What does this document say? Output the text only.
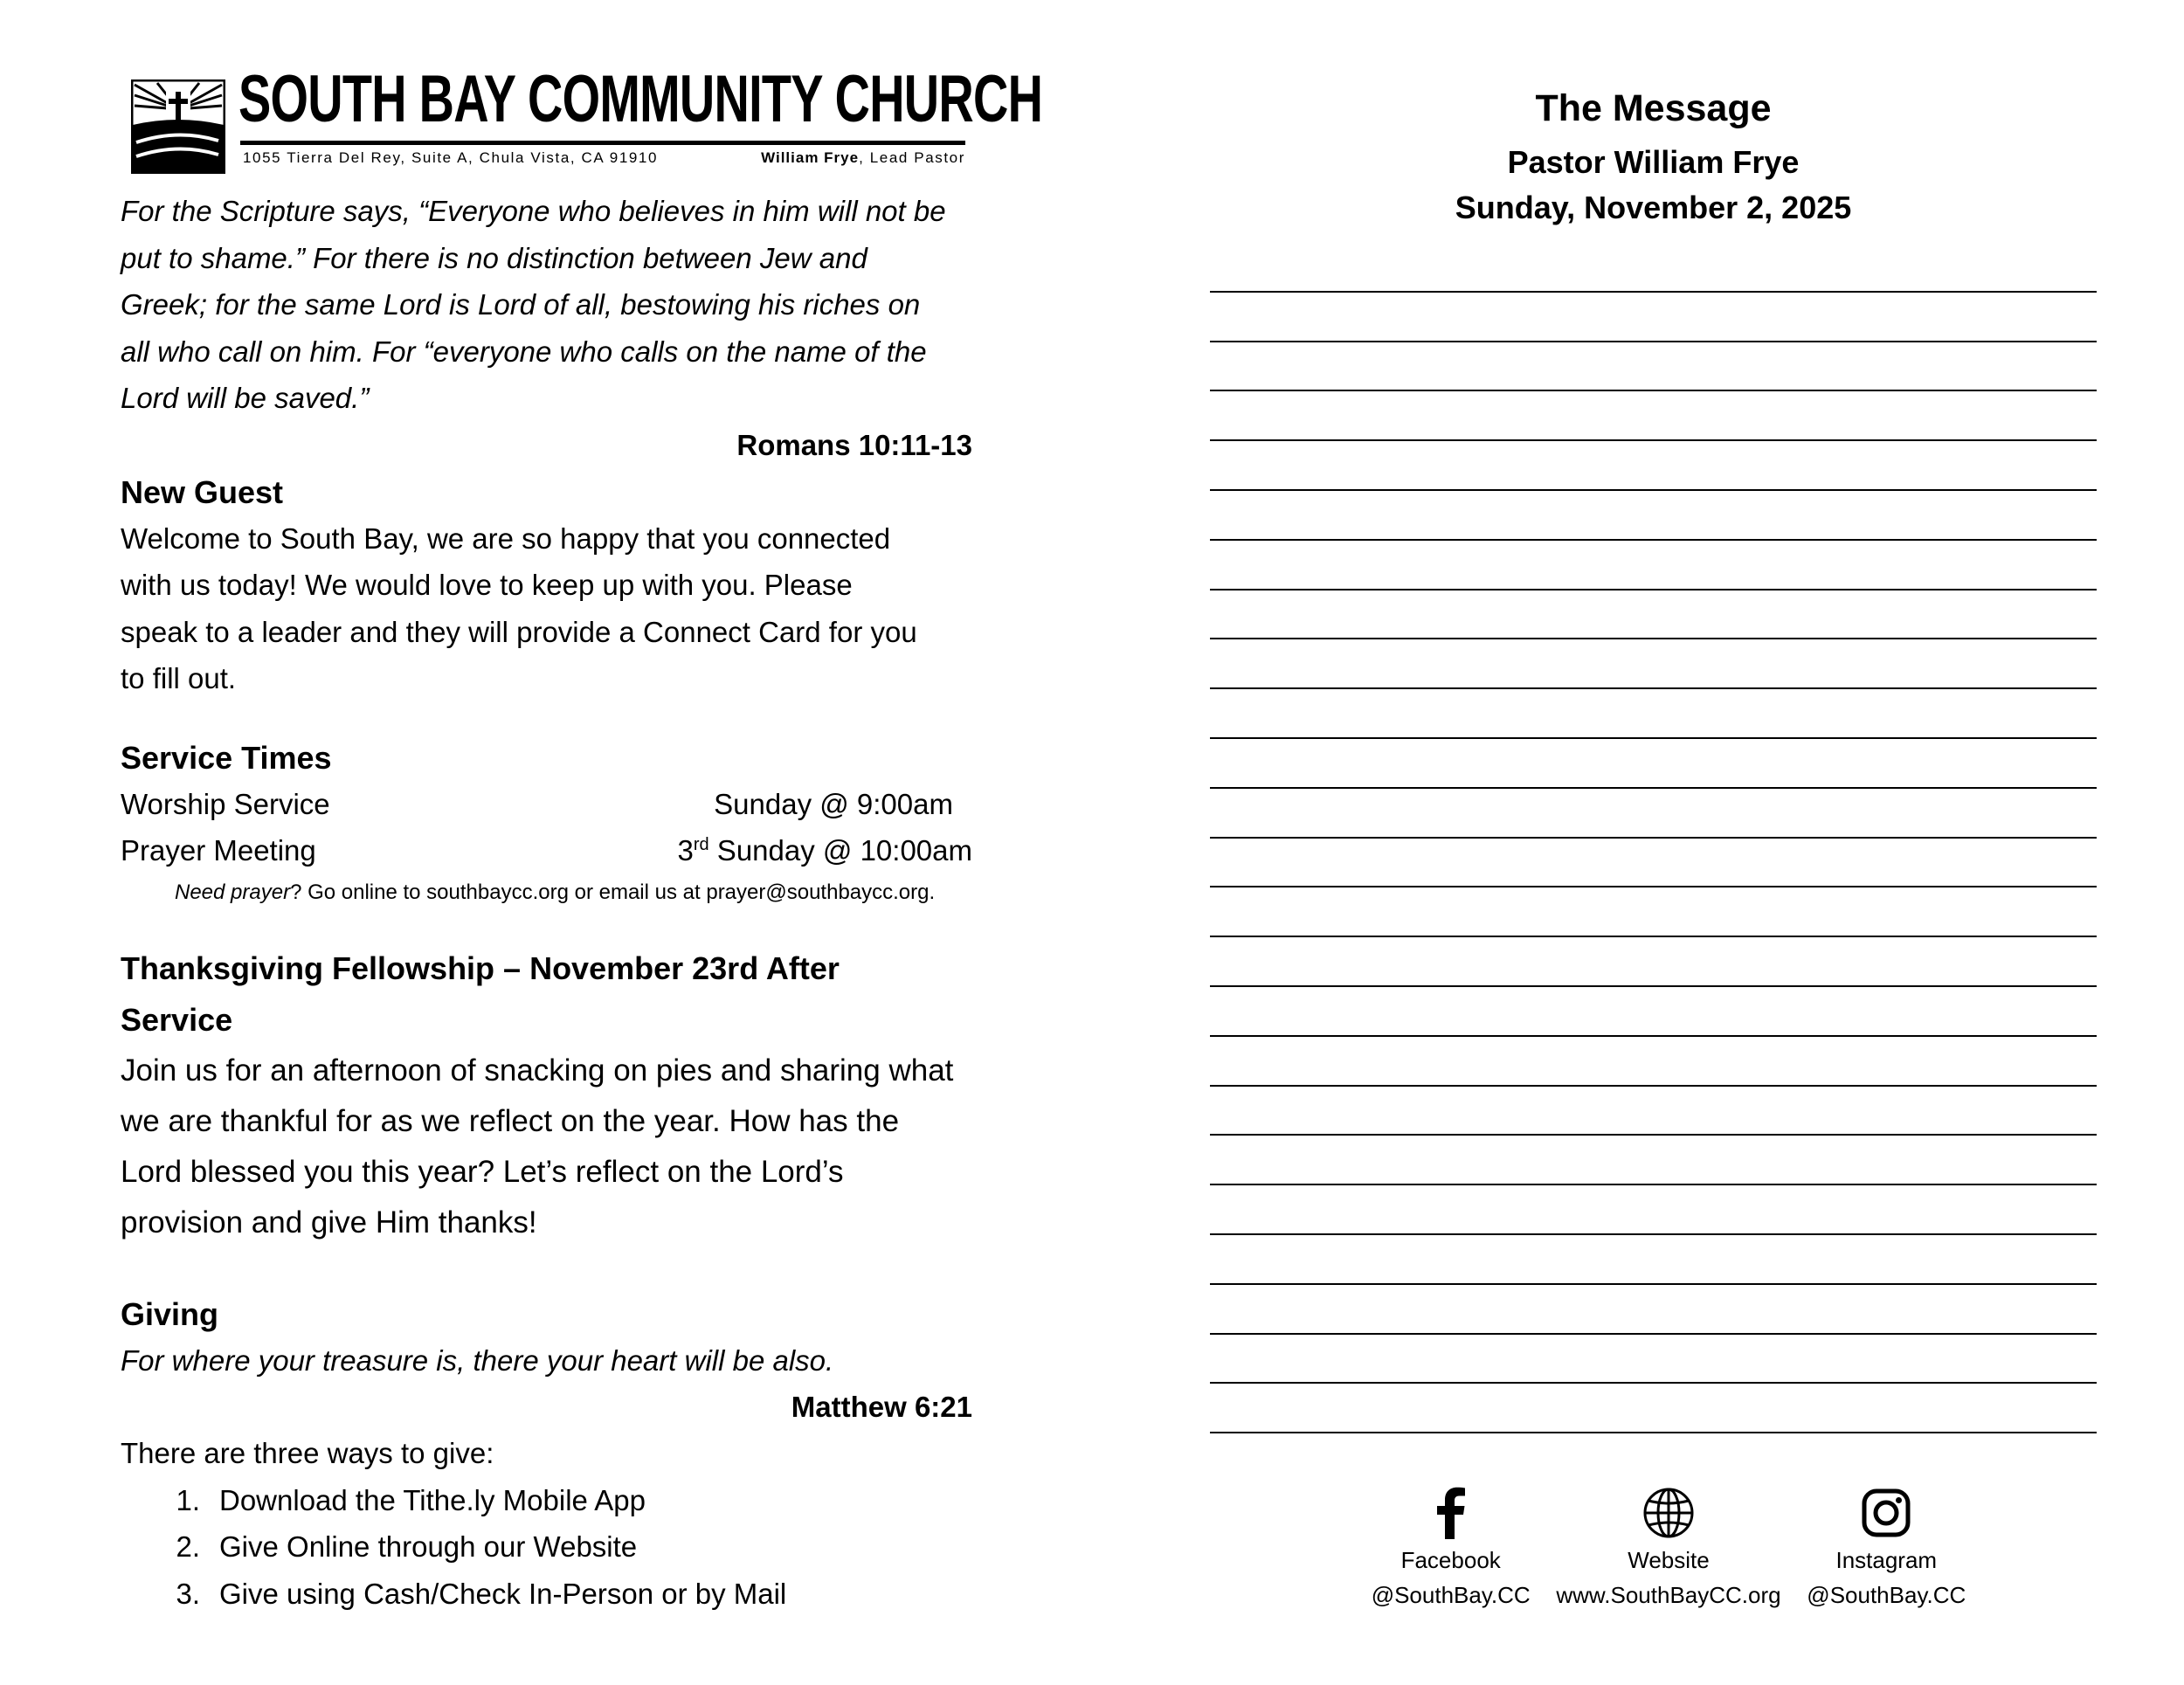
SOUTH BAY COMMUNITY CHURCH
1055 Tierra Del Rey, Suite A, Chula Vista, CA 91910	William Frye, Lead Pastor
For the Scripture says, “Everyone who believes in him will not be
put to shame.” For there is no distinction between Jew and
Greek; for the same Lord is Lord of all, bestowing his riches on
all who call on him. For “everyone who calls on the name of the
Lord will be saved.”

Romans 10:11-13

New Guest
Welcome to South Bay, we are so happy that you connected
with us today! We would love to keep up with you. Please
speak to a leader and they will provide a Connect Card for you
to fill out.
Service Times
Worship Service	Sunday @ 9:00am
Prayer Meeting	3rd Sunday @ 10:00am
Need prayer? Go online to southbaycc.org or email us at prayer@southbaycc.org.
Thanksgiving Fellowship – November 23rd After
Service
Join us for an afternoon of snacking on pies and sharing what
we are thankful for as we reflect on the year. How has the
Lord blessed you this year? Let’s reflect on the Lord’s
provision and give Him thanks!
Giving
For where your treasure is, there your heart will be also.

Matthew 6:21

There are three ways to give:
1. Download the Tithe.ly Mobile App
2. Give Online through our Website
3. Give using Cash/Check In-Person or by Mail

The Message

Pastor William Frye

Sunday, November 2, 2025

Facebook
@SouthBay.CC
Website
www.SouthBayCC.org
Instagram
@SouthBay.CC
